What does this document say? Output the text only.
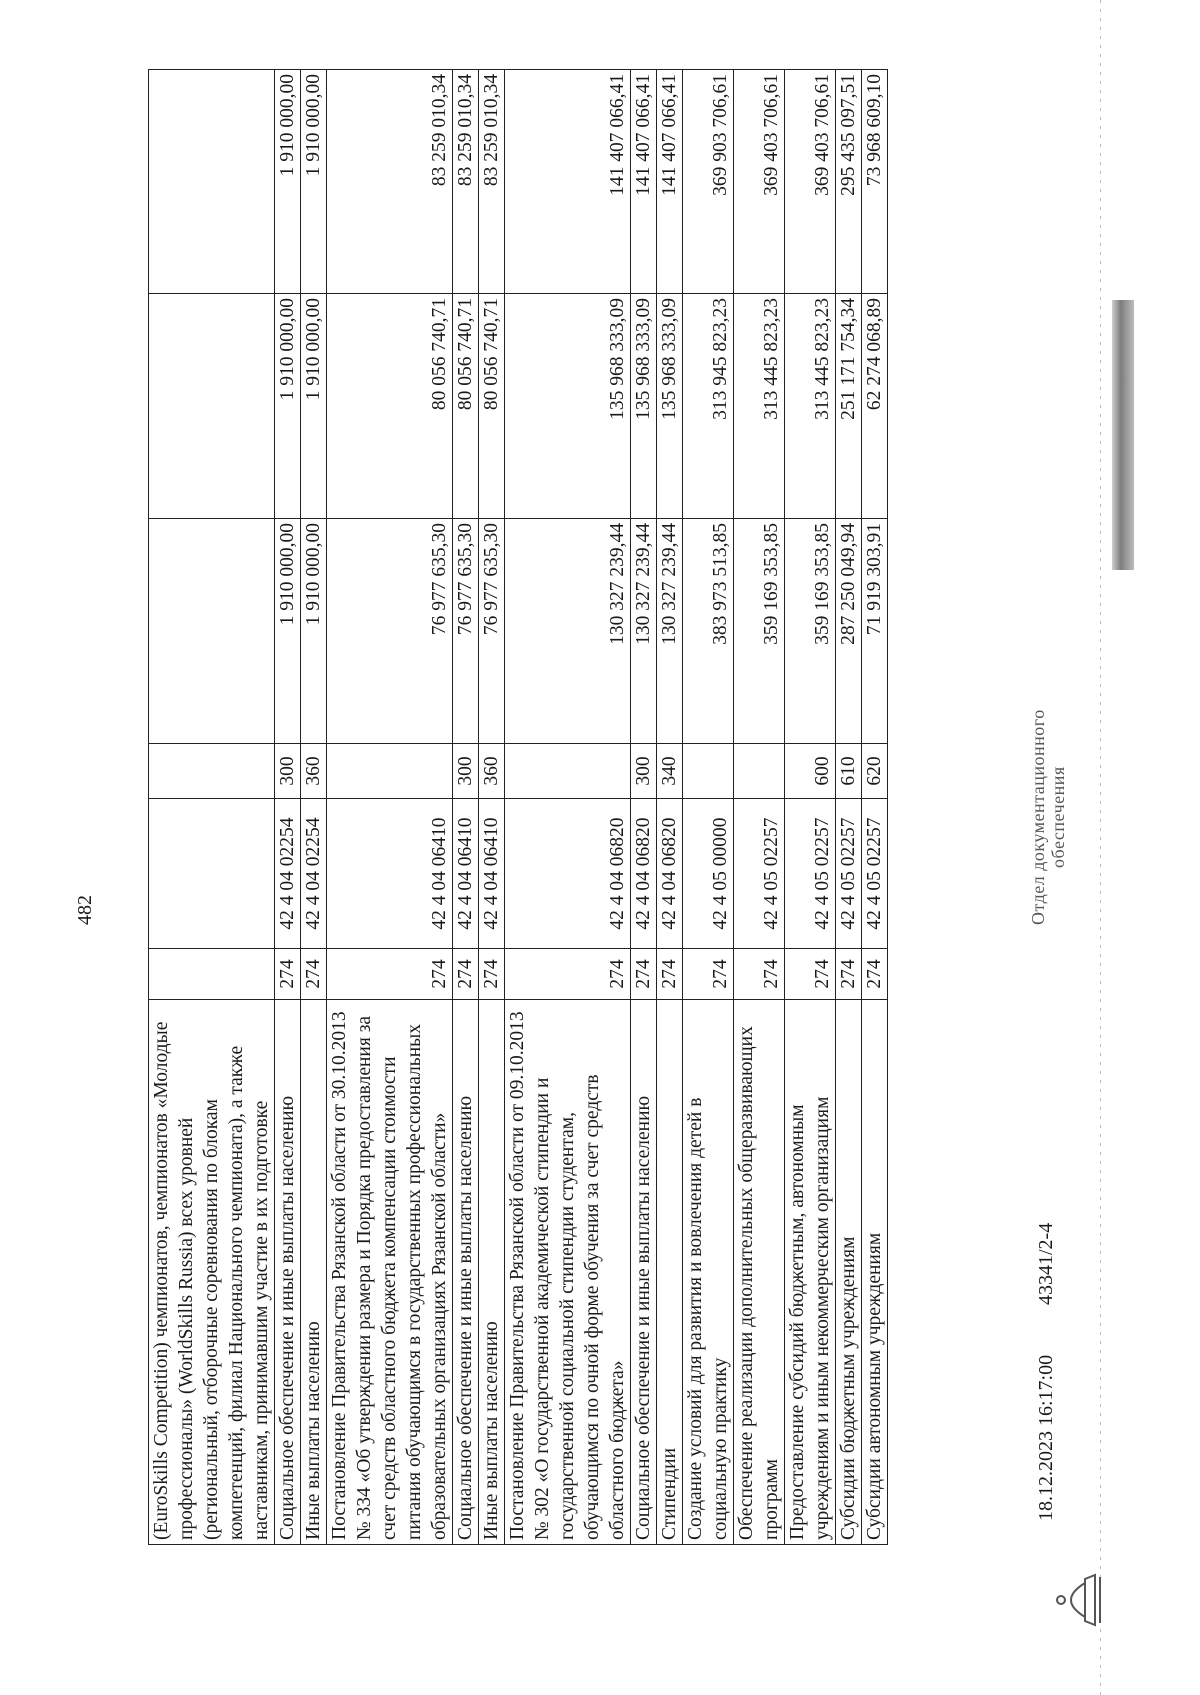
482
(EuroSkills Competition) чемпионатов, чемпионатов «Молодые профессионалы» (WorldSkills Russia) всех уровней (региональный, отборочные соревнования по блокам компетенций, филиал Национального чемпионата), а также наставникам, принимавшим участие в их подготовке						
Социальное обеспечение и иные выплаты населению	274	42 4 04 02254	300	1 910 000,00	1 910 000,00	1 910 000,00
Иные выплаты населению	274	42 4 04 02254	360	1 910 000,00	1 910 000,00	1 910 000,00
Постановление Правительства Рязанской области от 30.10.2013 № 334 «Об утверждении размера и Порядка предоставления за счет средств областного бюджета компенсации стоимости питания обучающимся в государственных профессиональных образовательных организациях Рязанской области»	274	42 4 04 06410		76 977 635,30	80 056 740,71	83 259 010,34
Социальное обеспечение и иные выплаты населению	274	42 4 04 06410	300	76 977 635,30	80 056 740,71	83 259 010,34
Иные выплаты населению	274	42 4 04 06410	360	76 977 635,30	80 056 740,71	83 259 010,34
Постановление Правительства Рязанской области от 09.10.2013 № 302 «О государственной академической стипендии и государственной социальной стипендии студентам, обучающимся по очной форме обучения за счет средств областного бюджета»	274	42 4 04 06820		130 327 239,44	135 968 333,09	141 407 066,41
Социальное обеспечение и иные выплаты населению	274	42 4 04 06820	300	130 327 239,44	135 968 333,09	141 407 066,41
Стипендии	274	42 4 04 06820	340	130 327 239,44	135 968 333,09	141 407 066,41
Создание условий для развития и вовлечения детей в социальную практику	274	42 4 05 00000		383 973 513,85	313 945 823,23	369 903 706,61
Обеспечение реализации дополнительных общеразвивающих программ	274	42 4 05 02257		359 169 353,85	313 445 823,23	369 403 706,61
Предоставление субсидий бюджетным, автономным учреждениям и иным некоммерческим организациям	274	42 4 05 02257	600	359 169 353,85	313 445 823,23	369 403 706,61
Субсидии бюджетным учреждениям	274	42 4 05 02257	610	287 250 049,94	251 171 754,34	295 435 097,51
Субсидии автономным учреждениям	274	42 4 05 02257	620	71 919 303,91	62 274 068,89	73 968 609,10
18.12.2023 16:17:00
43341/2-4
Отдел документационного обеспечения
